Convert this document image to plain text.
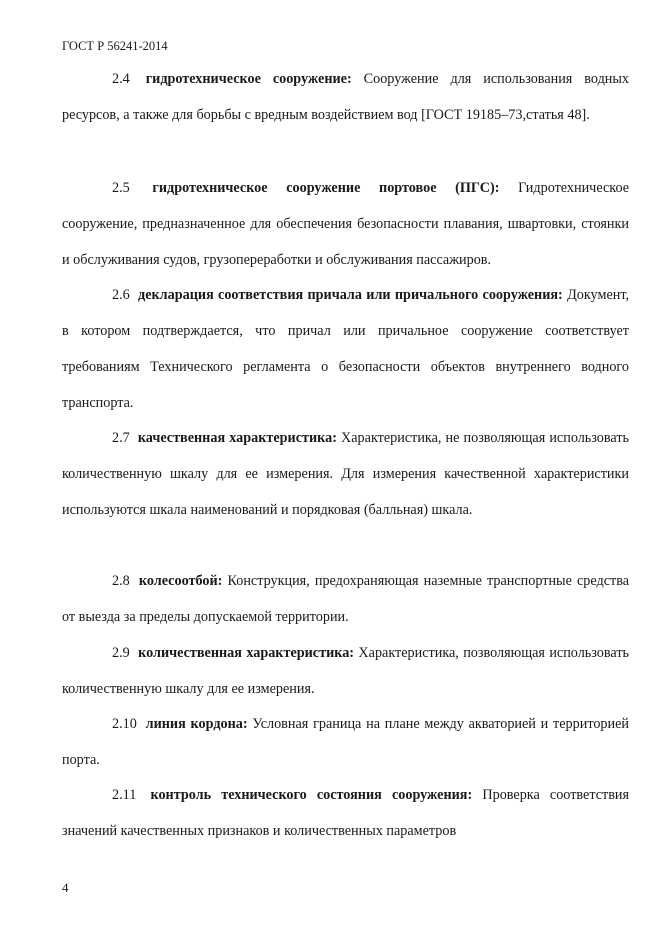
ГОСТ Р 56241-2014

2.4 гидротехническое сооружение: Сооружение для использования водных ресурсов, а также для борьбы с вредным воздействием вод [ГОСТ 19185–73,статья 48].

2.5 гидротехническое сооружение портовое (ПГС): Гидротехническое сооружение, предназначенное для обеспечения безопасности плавания, швартовки, стоянки и обслуживания судов, грузопереработки и обслуживания пассажиров.

2.6 декларация соответствия причала или причального сооружения: Документ, в котором подтверждается, что причал или причальное сооружение соответствует требованиям Технического регламента о безопасности объектов внутреннего водного транспорта.

2.7 качественная характеристика: Характеристика, не позволяющая использовать количественную шкалу для ее измерения. Для измерения качественной характеристики используются шкала наименований и порядковая (балльная) шкала.

2.8 колесоотбой: Конструкция, предохраняющая наземные транспортные средства от выезда за пределы допускаемой территории.

2.9 количественная характеристика: Характеристика, позволяющая использовать количественную шкалу для ее измерения.

2.10 линия кордона: Условная граница на плане между акваторией и территорией порта.

2.11 контроль технического состояния сооружения: Проверка соответствия значений качественных признаков и количественных параметров

4
